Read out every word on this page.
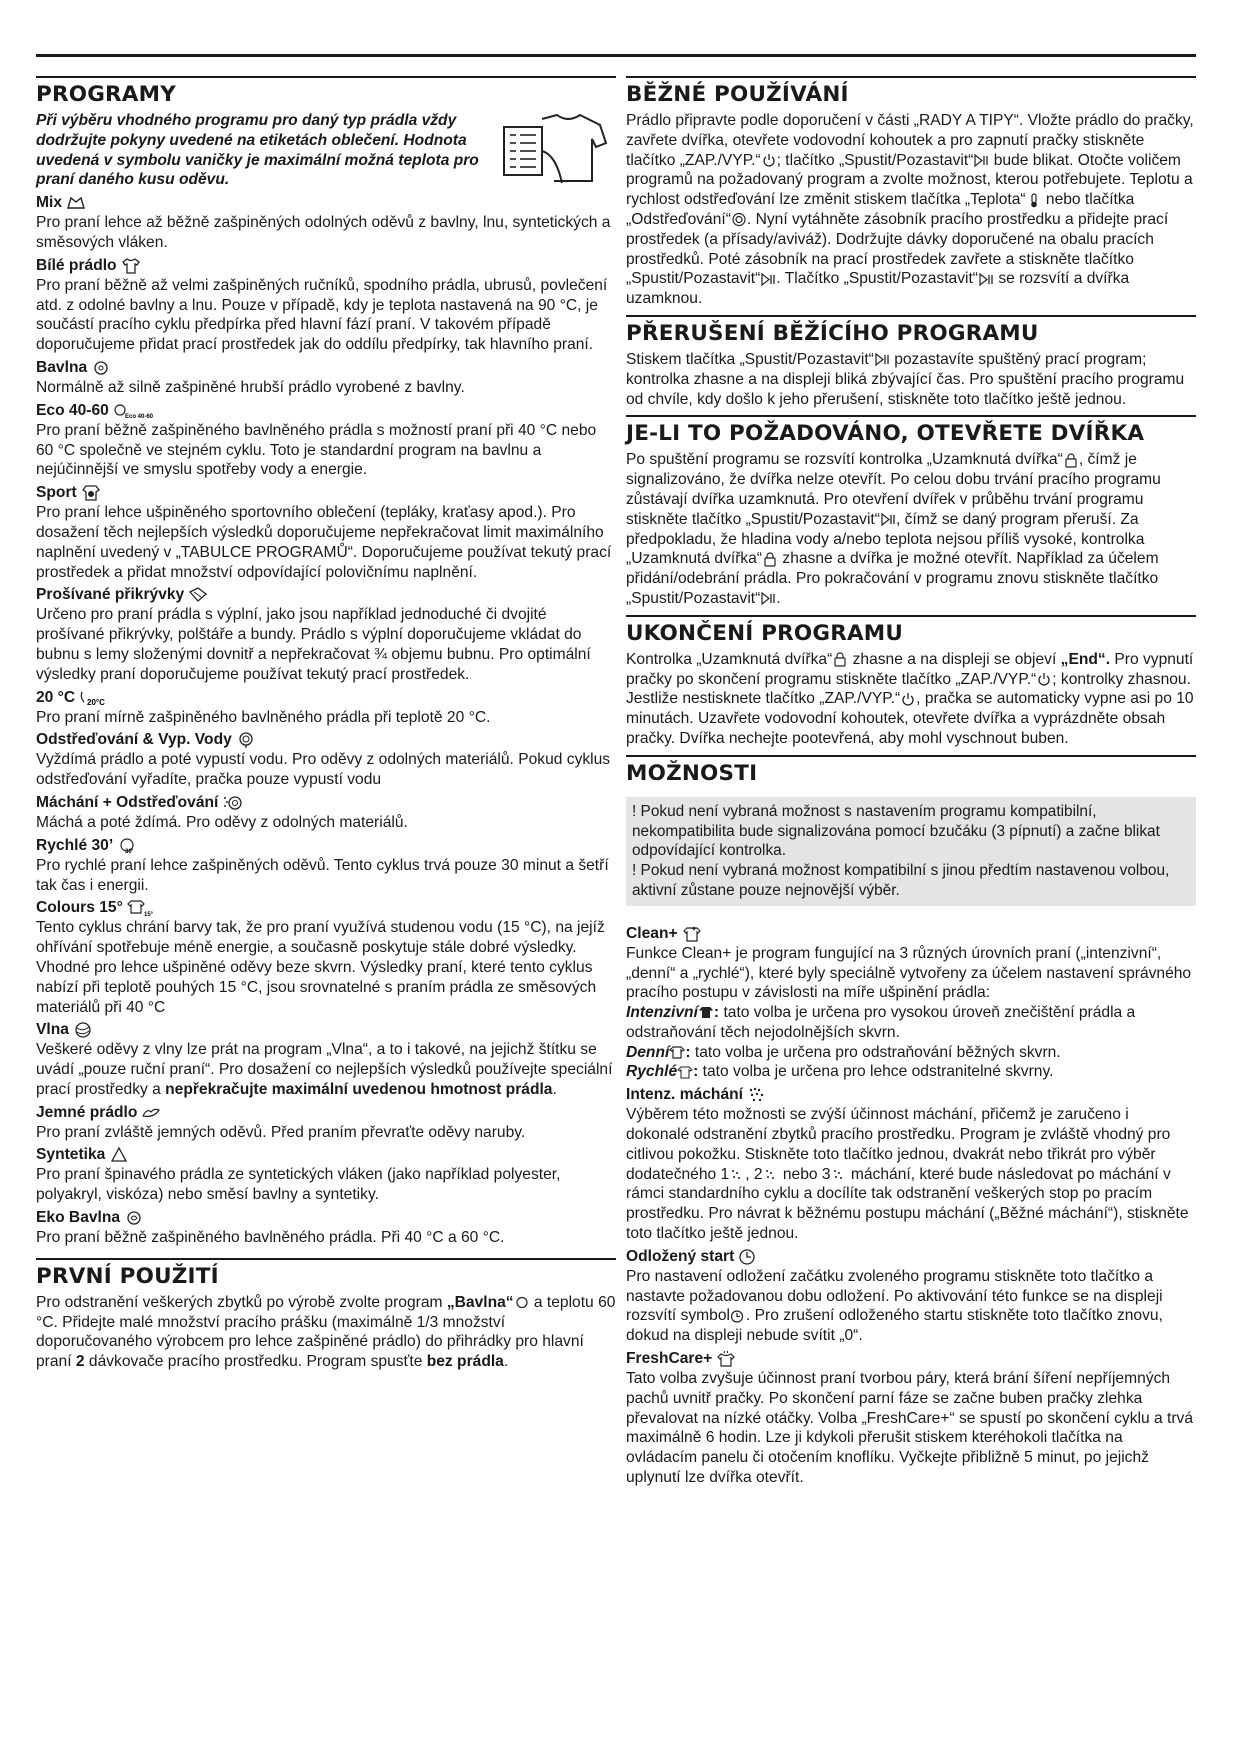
PROGRAMY

Při výběru vhodného programu pro daný typ prádla vždy dodržujte pokyny uvedené na etiketách oblečení. Hodnota uvedená v symbolu vaničky je maximální možná teplota pro praní daného kusu oděvu.

Mix

Pro praní lehce až běžně zašpiněných odolných oděvů z bavlny, lnu, syntetických a směsových vláken.

Bílé prádlo

Pro praní běžně až velmi zašpiněných ručníků, spodního prádla, ubrusů, povlečení atd. z odolné bavlny a lnu. Pouze v případě, kdy je teplota nastavená na 90 °C, je součástí pracího cyklu předpírka před hlavní fází praní. V takovém případě doporučujeme přidat prací prostředek jak do oddílu předpírky, tak hlavního praní.

Bavlna

Normálně až silně zašpiněné hrubší prádlo vyrobené z bavlny.

Eco 40-60	Eco 40-60

Pro praní běžně zašpiněného bavlněného prádla s možností praní při 40 °C nebo 60 °C společně ve stejném cyklu. Toto je standardní program na bavlnu a nejúčinnější ve smyslu spotřeby vody a energie.

Sport

Pro praní lehce ušpiněného sportovního oblečení (tepláky, kraťasy apod.). Pro dosažení těch nejlepších výsledků doporučujeme nepřekračovat limit maximálního naplnění uvedený v „TABULCE PROGRAMŮ“. Doporučujeme používat tekutý prací prostředek a přidat množství odpovídající polovičnímu naplnění.

Prošívané přikrývky

Určeno pro praní prádla s výplní, jako jsou například jednoduché či dvojité prošívané přikrývky, polštáře a bundy. Prádlo s výplní doporučujeme vkládat do bubnu s lemy složenými dovnitř a nepřekračovat ¾ objemu bubnu. Pro optimální výsledky praní doporučujeme používat tekutý prací prostředek.

20 °C 20°C

Pro praní mírně zašpiněného bavlněného prádla při teplotě 20 °C.

Odstřeďování & Vyp. Vody

Vyždímá prádlo a poté vypustí vodu. Pro oděvy z odolných materiálů. Pokud cyklus odstřeďování vyřadíte, pračka pouze vypustí vodu

Máchání + Odstřeďování

Máchá a poté ždímá. Pro oděvy z odolných materiálů.

Rychlé 30’ 30'

Pro rychlé praní lehce zašpiněných oděvů. Tento cyklus trvá pouze 30 minut a šetří tak čas i energii.

Colours 15°	15°

Tento cyklus chrání barvy tak, že pro praní využívá studenou vodu (15 °C), na jejíž ohřívání spotřebuje méně energie, a současně poskytuje stále dobré výsledky. Vhodné pro lehce ušpiněné oděvy beze skvrn. Výsledky praní, které tento cyklus nabízí při teplotě pouhých 15 °C, jsou srovnatelné s praním prádla ze směsových materiálů při 40 °C

Vlna

Veškeré oděvy z vlny lze prát na program „Vlna“, a to i takové, na jejichž štítku se uvádí „pouze ruční praní“. Pro dosažení co nejlepších výsledků používejte speciální prací prostředky a nepřekračujte maximální uvedenou hmotnost prádla.

Jemné prádlo

Pro praní zvláště jemných oděvů. Před praním převraťte oděvy naruby.

Syntetika

Pro praní špinavého prádla ze syntetických vláken (jako například polyester, polyakryl, viskóza) nebo směsí bavlny a syntetiky.

Eko Bavlna

Pro praní běžně zašpiněného bavlněného prádla. Při 40 °C a 60 °C.

PRVNÍ POUŽITÍ

Pro odstranění veškerých zbytků po výrobě zvolte program „Bavlna“ a teplotu 60 °C. Přidejte malé množství pracího prášku (maximálně 1/3 množství doporučovaného výrobcem pro lehce zašpiněné prádlo) do přihrádky pro hlavní praní 2 dávkovače pracího prostředku. Program spusťte bez prádla.

BĚŽNÉ POUŽÍVÁNÍ

Prádlo připravte podle doporučení v části „RADY A TIPY“. Vložte prádlo do pračky, zavřete dvířka, otevřete vodovodní kohoutek a pro zapnutí pračky stiskněte tlačítko „ZAP./VYP.“ ; tlačítko „Spustit/Pozastavit“ bude blikat. Otočte voličem programů na požadovaný program a zvolte možnost, kterou potřebujete. Teplotu a rychlost odstřeďování lze změnit stiskem tlačítka „Teplota“ nebo tlačítka „Odstřeďování“ . Nyní vytáhněte zásobník pracího prostředku a přidejte prací prostředek (a přísady/aviváž). Dodržujte dávky doporučené na obalu pracích prostředků. Poté zásobník na prací prostředek zavřete a stiskněte tlačítko „Spustit/Pozastavit“ . Tlačítko „Spustit/Pozastavit“ se rozsvítí a dvířka uzamknou.

PŘERUŠENÍ BĚŽÍCÍHO PROGRAMU

Stiskem tlačítka „Spustit/Pozastavit“ pozastavíte spuštěný prací program; kontrolka zhasne a na displeji bliká zbývající čas. Pro spuštění pracího programu od chvíle, kdy došlo k jeho přerušení, stiskněte toto tlačítko ještě jednou.

JE-LI TO POŽADOVÁNO, OTEVŘETE DVÍŘKA

Po spuštění programu se rozsvítí kontrolka „Uzamknutá dvířka“ , čímž je signalizováno, že dvířka nelze otevřít. Po celou dobu trvání pracího programu zůstávají dvířka uzamknutá. Pro otevření dvířek v průběhu trvání programu stiskněte tlačítko „Spustit/Pozastavit“ , čímž se daný program přeruší. Za předpokladu, že hladina vody a/nebo teplota nejsou příliš vysoké, kontrolka „Uzamknutá dvířka“ zhasne a dvířka je možné otevřít. Například za účelem přidání/odebrání prádla. Pro pokračování v programu znovu stiskněte tlačítko „Spustit/Pozastavit“ .

UKONČENÍ PROGRAMU

Kontrolka „Uzamknutá dvířka“ zhasne a na displeji se objeví „End“. Pro vypnutí pračky po skončení programu stiskněte tlačítko „ZAP./VYP.“ ; kontrolky zhasnou. Jestliže nestisknete tlačítko „ZAP./VYP.“ , pračka se automaticky vypne asi po 10 minutách. Uzavřete vodovodní kohoutek, otevřete dvířka a vyprázdněte obsah pračky. Dvířka nechejte pootevřená, aby mohl vyschnout buben.

MOŽNOSTI

! Pokud není vybraná možnost s nastavením programu kompatibilní, nekompatibilita bude signalizována pomocí bzučáku (3 pípnutí) a začne blikat odpovídající kontrolka.

! Pokud není vybraná možnost kompatibilní s jinou předtím nastavenou volbou, aktivní zůstane pouze nejnovější výběr.

Clean+

Funkce Clean+ je program fungující na 3 různých úrovních praní („intenzivní“, „denní“ a „rychlé“), které byly speciálně vytvořeny za účelem nastavení správného pracího postupu v závislosti na míře ušpinění prádla:

Intenzivní : tato volba je určena pro vysokou úroveň znečištění prádla a odstraňování těch nejodolnějších skvrn.

Denní : tato volba je určena pro odstraňování běžných skvrn.

Rychlé : tato volba je určena pro lehce odstranitelné skvrny.

Intenz. máchání

Výběrem této možnosti se zvýší účinnost máchání, přičemž je zaručeno i dokonalé odstranění zbytků pracího prostředku. Program je zvláště vhodný pro citlivou pokožku. Stiskněte toto tlačítko jednou, dvakrát nebo třikrát pro výběr dodatečného 1 , 2 nebo 3 máchání, které bude následovat po máchání v rámci standardního cyklu a docílíte tak odstranění veškerých stop po pracím prostředku. Pro návrat k běžnému postupu máchání („Běžné máchání“), stiskněte toto tlačítko ještě jednou.

Odložený start

Pro nastavení odložení začátku zvoleného programu stiskněte toto tlačítko a nastavte požadovanou dobu odložení. Po aktivování této funkce se na displeji rozsvítí symbol . Pro zrušení odloženého startu stiskněte toto tlačítko znovu, dokud na displeji nebude svítit „0“.

FreshCare+

Tato volba zvyšuje účinnost praní tvorbou páry, která brání šíření nepříjemných pachů uvnitř pračky. Po skončení parní fáze se začne buben pračky zlehka převalovat na nízké otáčky. Volba „FreshCare+“ se spustí po skončení cyklu a trvá maximálně 6 hodin. Lze ji kdykoli přerušit stiskem kteréhokoli tlačítka na ovládacím panelu či otočením knoflíku. Vyčkejte přibližně 5 minut, po jejichž uplynutí lze dvířka otevřít.
